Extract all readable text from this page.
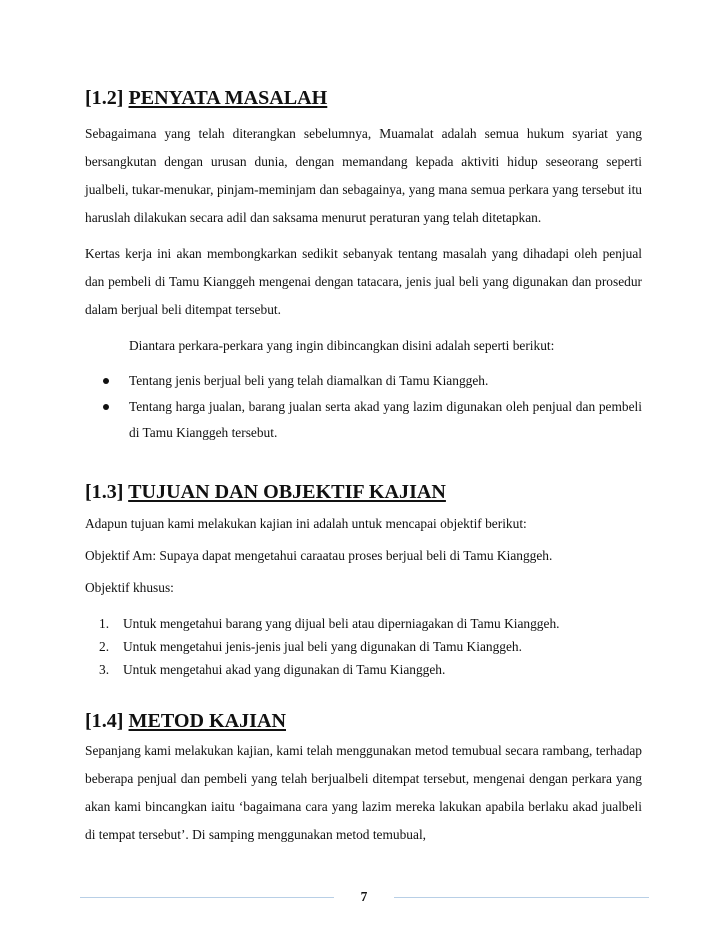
[1.2] PENYATA MASALAH

Sebagaimana yang telah diterangkan sebelumnya, Muamalat adalah semua hukum syariat yang bersangkutan dengan urusan dunia, dengan memandang kepada aktiviti hidup seseorang seperti jualbeli, tukar-menukar, pinjam-meminjam dan sebagainya, yang mana semua perkara yang tersebut itu haruslah dilakukan secara adil dan saksama menurut peraturan yang telah ditetapkan.

Kertas kerja ini akan membongkarkan sedikit sebanyak tentang masalah yang dihadapi oleh penjual dan pembeli di Tamu Kianggeh mengenai dengan tatacara, jenis jual beli yang digunakan dan prosedur dalam berjual beli ditempat tersebut.

Diantara perkara-perkara yang ingin dibincangkan disini adalah seperti berikut:

Tentang jenis berjual beli yang telah diamalkan di Tamu Kianggeh.
Tentang harga jualan, barang jualan serta akad yang lazim digunakan oleh penjual dan pembeli di Tamu Kianggeh tersebut.
[1.3] TUJUAN DAN OBJEKTIF KAJIAN

Adapun tujuan kami melakukan kajian ini adalah untuk mencapai objektif berikut:

Objektif Am: Supaya dapat mengetahui caraatau proses berjual beli di Tamu Kianggeh.

Objektif khusus:

1. Untuk mengetahui barang yang dijual beli atau diperniagakan di Tamu Kianggeh.
2. Untuk mengetahui jenis-jenis jual beli yang digunakan di Tamu Kianggeh.
3. Untuk mengetahui akad yang digunakan di Tamu Kianggeh.
[1.4] METOD KAJIAN

Sepanjang kami melakukan kajian, kami telah menggunakan metod temubual secara rambang, terhadap beberapa penjual dan pembeli yang telah berjualbeli ditempat tersebut, mengenai dengan perkara yang akan kami bincangkan iaitu ‘bagaimana cara yang lazim mereka lakukan apabila berlaku akad jualbeli di tempat tersebut’. Di samping menggunakan metod temubual,

7
